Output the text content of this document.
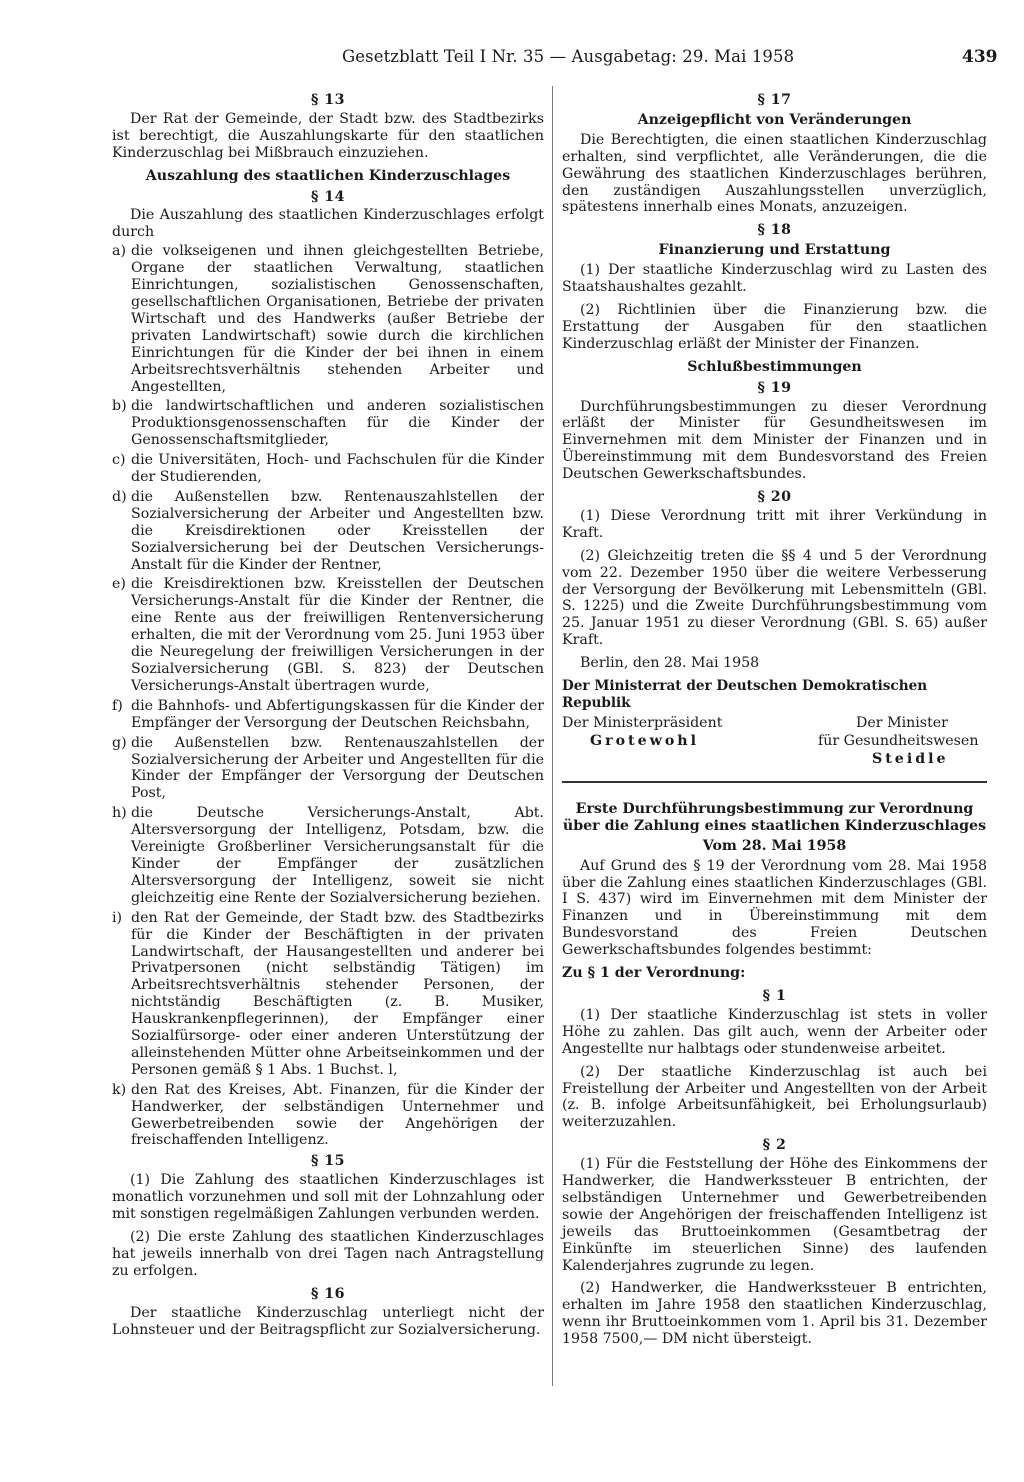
Gesetzblatt Teil I Nr. 35 — Ausgabetag: 29. Mai 1958	439
§ 13

Der Rat der Gemeinde, der Stadt bzw. des Stadtbezirks ist berechtigt, die Auszahlungskarte für den staatlichen Kinderzuschlag bei Mißbrauch einzuziehen.

Auszahlung des staatlichen Kinderzuschlages
§ 14

Die Auszahlung des staatlichen Kinderzuschlages erfolgt durch

a) die volkseigenen und ihnen gleichgestellten Betriebe, Organe der staatlichen Verwaltung, staatlichen Einrichtungen, sozialistischen Genossenschaften, gesellschaftlichen Organisationen, Betriebe der privaten Wirtschaft und des Handwerks (außer Betriebe der privaten Landwirtschaft) sowie durch die kirchlichen Einrichtungen für die Kinder der bei ihnen in einem Arbeitsrechtsverhältnis stehenden Arbeiter und Angestellten,
b) die landwirtschaftlichen und anderen sozialistischen Produktionsgenossenschaften für die Kinder der Genossenschaftsmitglieder,
c) die Universitäten, Hoch- und Fachschulen für die Kinder der Studierenden,
d) die Außenstellen bzw. Rentenauszahlstellen der Sozialversicherung der Arbeiter und Angestellten bzw. die Kreisdirektionen oder Kreisstellen der Sozialversicherung bei der Deutschen Versicherungs-Anstalt für die Kinder der Rentner,
e) die Kreisdirektionen bzw. Kreisstellen der Deutschen Versicherungs-Anstalt für die Kinder der Rentner, die eine Rente aus der freiwilligen Rentenversicherung erhalten, die mit der Verordnung vom 25. Juni 1953 über die Neuregelung der freiwilligen Versicherungen in der Sozialversicherung (GBl. S. 823) der Deutschen Versicherungs-Anstalt übertragen wurde,
f) die Bahnhofs- und Abfertigungskassen für die Kinder der Empfänger der Versorgung der Deutschen Reichsbahn,
g) die Außenstellen bzw. Rentenauszahlstellen der Sozialversicherung der Arbeiter und Angestellten für die Kinder der Empfänger der Versorgung der Deutschen Post,
h) die Deutsche Versicherungs-Anstalt, Abt. Altersversorgung der Intelligenz, Potsdam, bzw. die Vereinigte Großberliner Versicherungsanstalt für die Kinder der Empfänger der zusätzlichen Altersversorgung der Intelligenz, soweit sie nicht gleichzeitig eine Rente der Sozialversicherung beziehen.
i) den Rat der Gemeinde, der Stadt bzw. des Stadtbezirks für die Kinder der Beschäftigten in der privaten Landwirtschaft, der Hausangestellten und anderer bei Privatpersonen (nicht selbständig Tätigen) im Arbeitsrechtsverhältnis stehender Personen, der nichtständig Beschäftigten (z. B. Musiker, Hauskrankenpflegerinnen), der Empfänger einer Sozialfürsorge- oder einer anderen Unterstützung der alleinstehenden Mütter ohne Arbeitseinkommen und der Personen gemäß § 1 Abs. 1 Buchst. l,
k) den Rat des Kreises, Abt. Finanzen, für die Kinder der Handwerker, der selbständigen Unternehmer und Gewerbetreibenden sowie der Angehörigen der freischaffenden Intelligenz.
§ 15

(1) Die Zahlung des staatlichen Kinderzuschlages ist monatlich vorzunehmen und soll mit der Lohnzahlung oder mit sonstigen regelmäßigen Zahlungen verbunden werden.

(2) Die erste Zahlung des staatlichen Kinderzuschlages hat jeweils innerhalb von drei Tagen nach Antragstellung zu erfolgen.

§ 16

Der staatliche Kinderzuschlag unterliegt nicht der Lohnsteuer und der Beitragspflicht zur Sozialversicherung.

§ 17
Anzeigepflicht von Veränderungen

Die Berechtigten, die einen staatlichen Kinderzuschlag erhalten, sind verpflichtet, alle Veränderungen, die die Gewährung des staatlichen Kinderzuschlages berühren, den zuständigen Auszahlungsstellen unverzüglich, spätestens innerhalb eines Monats, anzuzeigen.

§ 18
Finanzierung und Erstattung

(1) Der staatliche Kinderzuschlag wird zu Lasten des Staatshaushaltes gezahlt.

(2) Richtlinien über die Finanzierung bzw. die Erstattung der Ausgaben für den staatlichen Kinderzuschlag erläßt der Minister der Finanzen.

Schlußbestimmungen
§ 19

Durchführungsbestimmungen zu dieser Verordnung erläßt der Minister für Gesundheitswesen im Einvernehmen mit dem Minister der Finanzen und in Übereinstimmung mit dem Bundesvorstand des Freien Deutschen Gewerkschaftsbundes.

§ 20

(1) Diese Verordnung tritt mit ihrer Verkündung in Kraft.

(2) Gleichzeitig treten die §§ 4 und 5 der Verordnung vom 22. Dezember 1950 über die weitere Verbesserung der Versorgung der Bevölkerung mit Lebensmitteln (GBl. S. 1225) und die Zweite Durchführungsbestimmung vom 25. Januar 1951 zu dieser Verordnung (GBl. S. 65) außer Kraft.

Berlin, den 28. Mai 1958

Der Ministerrat der Deutschen Demokratischen Republik
Der Ministerpräsident	Der Minister
Grotewohl	für Gesundheitswesen
Steidle
Erste Durchführungsbestimmung zur Verordnung über die Zahlung eines staatlichen Kinderzuschlages
Vom 28. Mai 1958

Auf Grund des § 19 der Verordnung vom 28. Mai 1958 über die Zahlung eines staatlichen Kinderzuschlages (GBl. I S. 437) wird im Einvernehmen mit dem Minister der Finanzen und in Übereinstimmung mit dem Bundesvorstand des Freien Deutschen Gewerkschaftsbundes folgendes bestimmt:

Zu § 1 der Verordnung:

§ 1

(1) Der staatliche Kinderzuschlag ist stets in voller Höhe zu zahlen. Das gilt auch, wenn der Arbeiter oder Angestellte nur halbtags oder stundenweise arbeitet.

(2) Der staatliche Kinderzuschlag ist auch bei Freistellung der Arbeiter und Angestellten von der Arbeit (z. B. infolge Arbeitsunfähigkeit, bei Erholungsurlaub) weiterzuzahlen.

§ 2

(1) Für die Feststellung der Höhe des Einkommens der Handwerker, die Handwerkssteuer B entrichten, der selbständigen Unternehmer und Gewerbetreibenden sowie der Angehörigen der freischaffenden Intelligenz ist jeweils das Bruttoeinkommen (Gesamtbetrag der Einkünfte im steuerlichen Sinne) des laufenden Kalenderjahres zugrunde zu legen.

(2) Handwerker, die Handwerkssteuer B entrichten, erhalten im Jahre 1958 den staatlichen Kinderzuschlag, wenn ihr Bruttoeinkommen vom 1. April bis 31. Dezember 1958 7500,— DM nicht übersteigt.
